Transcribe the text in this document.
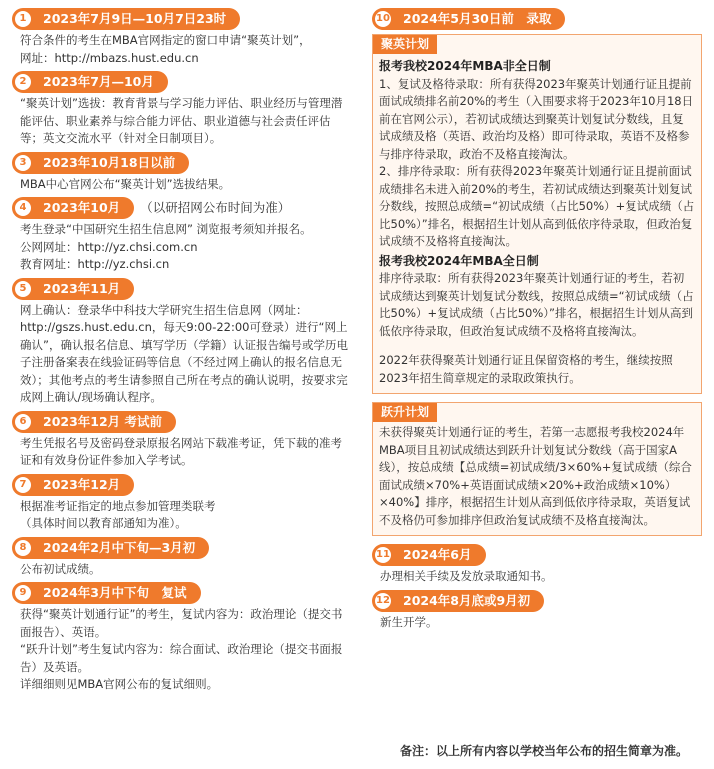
1	2023年7月9日—10月7日23时

符合条件的考生在MBA官网指定的窗口申请“聚英计划”，

网址：http://mbazs.hust.edu.cn

2	2023年7月—10月

“聚英计划”选拔：教育背景与学习能力评估、职业经历与管理潜能评估、职业素养与综合能力评估、职业道德与社会责任评估等；英文交流水平（针对全日制项目）。

3	2023年10月18日以前

MBA中心官网公布“聚英计划”选拔结果。

4	2023年10月 （以研招网公布时间为准）

考生登录“中国研究生招生信息网” 浏览报考须知并报名。

公网网址：http://yz.chsi.com.cn

教育网址：http://yz.chsi.cn

5	2023年11月

网上确认：登录华中科技大学研究生招生信息网（网址：http://gszs.hust.edu.cn，每天9:00-22:00可登录）进行“网上确认”，确认报名信息、填写学历（学籍）认证报告编号或学历电子注册备案表在线验证码等信息（不经过网上确认的报名信息无效）；其他考点的考生请参照自己所在考点的确认说明，按要求完成网上确认/现场确认程序。

6	2023年12月 考试前

考生凭报名号及密码登录原报名网站下载准考证，凭下载的准考证和有效身份证件参加入学考试。

7	2023年12月

根据准考证指定的地点参加管理类联考

（具体时间以教育部通知为准）。

8	2024年2月中下旬—3月初

公布初试成绩。

9	2024年3月中下旬　复试

获得“聚英计划通行证”的考生，复试内容为：政治理论（提交书面报告）、英语。

“跃升计划”考生复试内容为：综合面试、政治理论（提交书面报告）及英语。

详细细则见MBA官网公布的复试细则。

10 2024年5月30日前　录取
聚英计划
报考我校2024年MBA非全日制

1、复试及格待录取：所有获得2023年聚英计划通行证且提前面试成绩排名前20%的考生（入围要求将于2023年10月18日前在官网公示），若初试成绩达到聚英计划复试分数线，且复试成绩及格（英语、政治均及格）即可待录取，英语不及格参与排序待录取，政治不及格直接淘汰。

2、排序待录取：所有获得2023年聚英计划通行证且提前面试成绩排名未进入前20%的考生，若初试成绩达到聚英计划复试分数线，按照总成绩=“初试成绩（占比50%）+复试成绩（占比50%）”排名，根据招生计划从高到低依序待录取，但政治复试成绩不及格将直接淘汰。

报考我校2024年MBA全日制

排序待录取：所有获得2023年聚英计划通行证的考生，若初试成绩达到聚英计划复试分数线，按照总成绩=“初试成绩（占比50%）+复试成绩（占比50%）”排名，根据招生计划从高到低依序待录取，但政治复试成绩不及格将直接淘汰。

2022年获得聚英计划通行证且保留资格的考生，继续按照2023年招生简章规定的录取政策执行。

跃升计划

未获得聚英计划通行证的考生，若第一志愿报考我校2024年MBA项目且初试成绩达到跃升计划复试分数线（高于国家A线），按总成绩【总成绩=初试成绩/3×60%+复试成绩（综合面试成绩×70%+英语面试成绩×20%+政治成绩×10%）×40%】排序，根据招生计划从高到低依序待录取，英语复试不及格仍可参加排序但政治复试成绩不及格直接淘汰。

11 2024年6月

办理相关手续及发放录取通知书。

12 2024年8月底或9月初

新生开学。

备注：以上所有内容以学校当年公布的招生简章为准。
